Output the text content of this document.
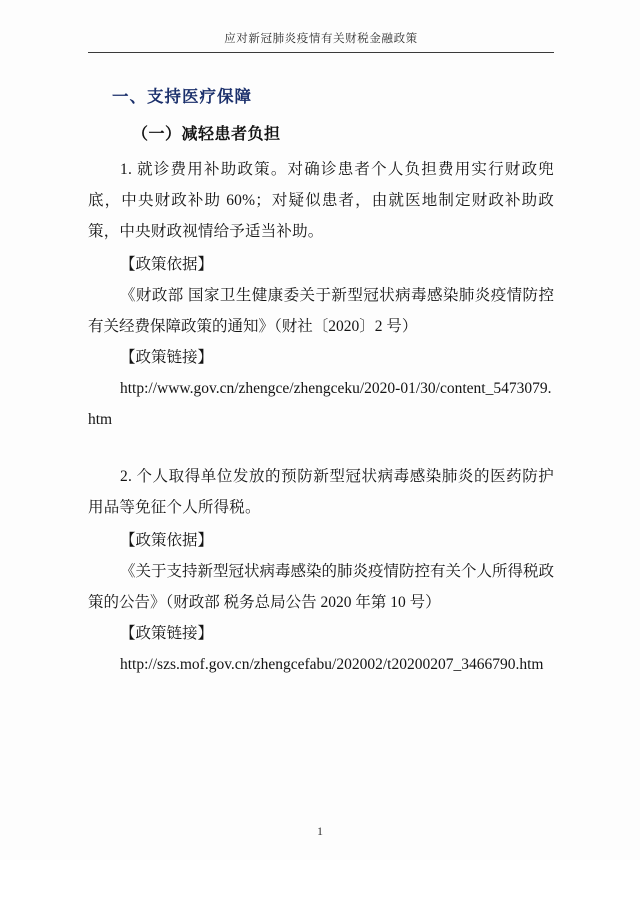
应对新冠肺炎疫情有关财税金融政策
一、支持医疗保障
（一）减轻患者负担

1. 就诊费用补助政策。对确诊患者个人负担费用实行财政兜底，中央财政补助 60%；对疑似患者，由就医地制定财政补助政策，中央财政视情给予适当补助。

【政策依据】

《财政部 国家卫生健康委关于新型冠状病毒感染肺炎疫情防控有关经费保障政策的通知》（财社〔2020〕2 号）

【政策链接】

http://www.gov.cn/zhengce/zhengceku/2020-01/30/content_5473079.htm

2. 个人取得单位发放的预防新型冠状病毒感染肺炎的医药防护用品等免征个人所得税。

【政策依据】

《关于支持新型冠状病毒感染的肺炎疫情防控有关个人所得税政策的公告》（财政部 税务总局公告 2020 年第 10 号）

【政策链接】

http://szs.mof.gov.cn/zhengcefabu/202002/t20200207_3466790.htm

1
